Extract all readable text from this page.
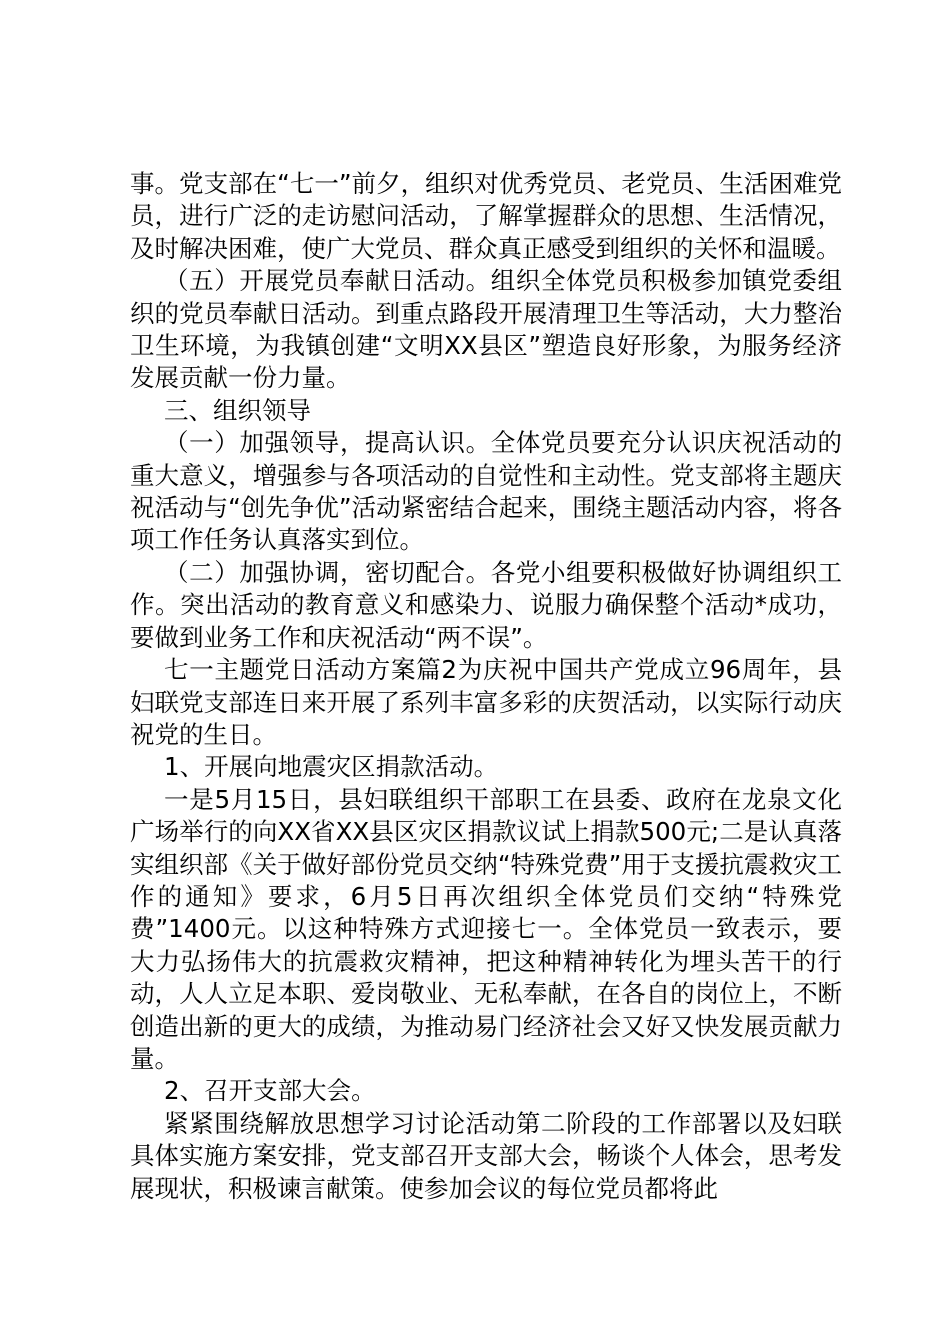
事。党支部在“七一”前夕，组织对优秀党员、老党员、生活困难党员，进行广泛的走访慰问活动，了解掌握群众的思想、生活情况，及时解决困难，使广大党员、群众真正感受到组织的关怀和温暖。

（五）开展党员奉献日活动。组织全体党员积极参加镇党委组织的党员奉献日活动。到重点路段开展清理卫生等活动，大力整治卫生环境，为我镇创建“文明XX县区”塑造良好形象，为服务经济发展贡献一份力量。

三、组织领导

（一）加强领导，提高认识。全体党员要充分认识庆祝活动的重大意义，增强参与各项活动的自觉性和主动性。党支部将主题庆祝活动与“创先争优”活动紧密结合起来，围绕主题活动内容，将各项工作任务认真落实到位。

（二）加强协调，密切配合。各党小组要积极做好协调组织工作。突出活动的教育意义和感染力、说服力确保整个活动*成功，要做到业务工作和庆祝活动“两不误”。

七一主题党日活动方案篇2为庆祝中国共产党成立96周年，县妇联党支部连日来开展了系列丰富多彩的庆贺活动，以实际行动庆祝党的生日。

1、开展向地震灾区捐款活动。

一是5月15日，县妇联组织干部职工在县委、政府在龙泉文化广场举行的向XX省XX县区灾区捐款议试上捐款500元;二是认真落实组织部《关于做好部份党员交纳“特殊党费”用于支援抗震救灾工作的通知》要求，6月5日再次组织全体党员们交纳“特殊党费”1400元。以这种特殊方式迎接七一。全体党员一致表示，要大力弘扬伟大的抗震救灾精神，把这种精神转化为埋头苦干的行动，人人立足本职、爱岗敬业、无私奉献，在各自的岗位上，不断创造出新的更大的成绩，为推动易门经济社会又好又快发展贡献力量。

2、召开支部大会。

紧紧围绕解放思想学习讨论活动第二阶段的工作部署以及妇联具体实施方案安排，党支部召开支部大会，畅谈个人体会，思考发展现状，积极谏言献策。使参加会议的每位党员都将此
